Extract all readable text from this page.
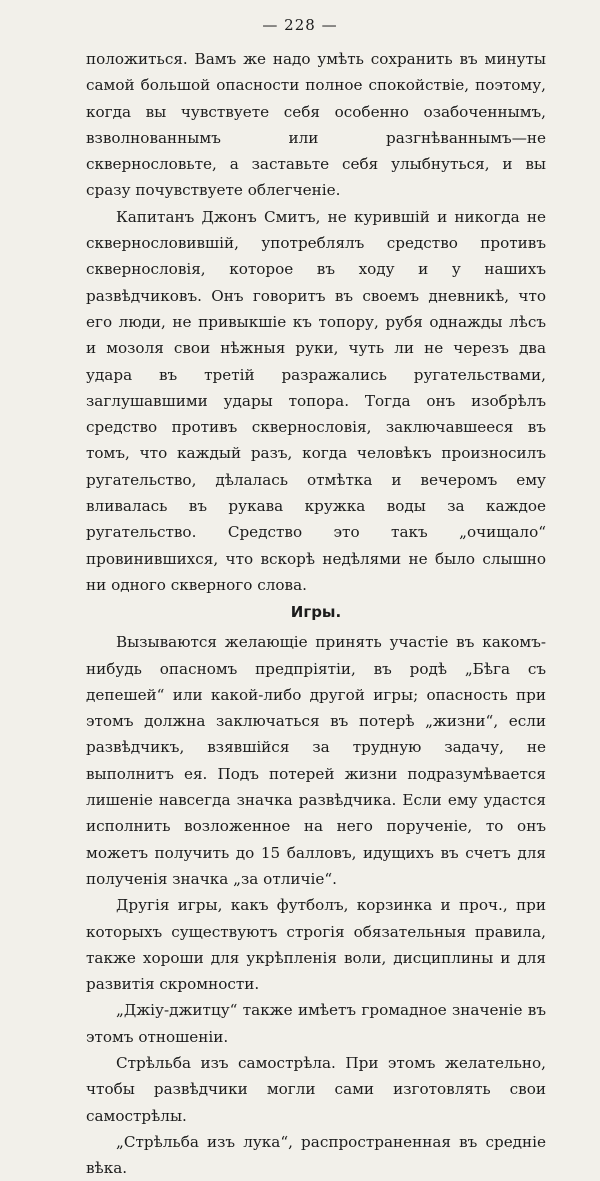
— 228 —

положиться. Вамъ же надо умѣть сохранить въ минуты самой большой опасности полное спокойствіе, поэтому, когда вы чувствуете себя особенно озабоченнымъ, взволнованнымъ или разгнѣваннымъ—не сквернословьте, а заставьте себя улыбнуться, и вы сразу почувствуете облегченіе.

Капитанъ Джонъ Смитъ, не курившій и никогда не сквернословившій, употреблялъ средство противъ сквернословія, которое въ ходу и у нашихъ развѣдчиковъ. Онъ говоритъ въ своемъ дневникѣ, что его люди, не привыкшіе къ топору, рубя однажды лѣсъ и мозоля свои нѣжныя руки, чуть ли не черезъ два удара въ третій разражались ругательствами, заглушавшими удары топора. Тогда онъ изобрѣлъ средство противъ сквернословія, заключавшееся въ томъ, что каждый разъ, когда человѣкъ произносилъ ругательство, дѣлалась отмѣтка и вечеромъ ему вливалась въ рукава кружка воды за каждое ругательство. Средство это такъ „очищало“ провинившихся, что вскорѣ недѣлями не было слышно ни одного скверного слова.

Игры.

Вызываются желающіе принять участіе въ какомъ-нибудь опасномъ предпріятіи, въ родѣ „Бѣга съ депешей“ или какой-либо другой игры; опасность при этомъ должна заключаться въ потерѣ „жизни“, если развѣдчикъ, взявшійся за трудную задачу, не выполнитъ ея. Подъ потерей жизни подразумѣвается лишеніе навсегда значка развѣдчика. Если ему удастся исполнить возложенное на него порученіе, то онъ можетъ получить до 15 балловъ, идущихъ въ счетъ для полученія значка „за отличіе“.

Другія игры, какъ футболъ, корзинка и проч., при которыхъ существуютъ строгія обязательныя правила, также хороши для укрѣпленія воли, дисциплины и для развитія скромности.

„Джіу-джитцу“ также имѣетъ громадное значеніе въ этомъ отношеніи.

Стрѣльба изъ самострѣла. При этомъ желательно, чтобы развѣдчики могли сами изготовлять свои самострѣлы.

„Стрѣльба изъ лука“, распространенная въ средніе вѣка.
